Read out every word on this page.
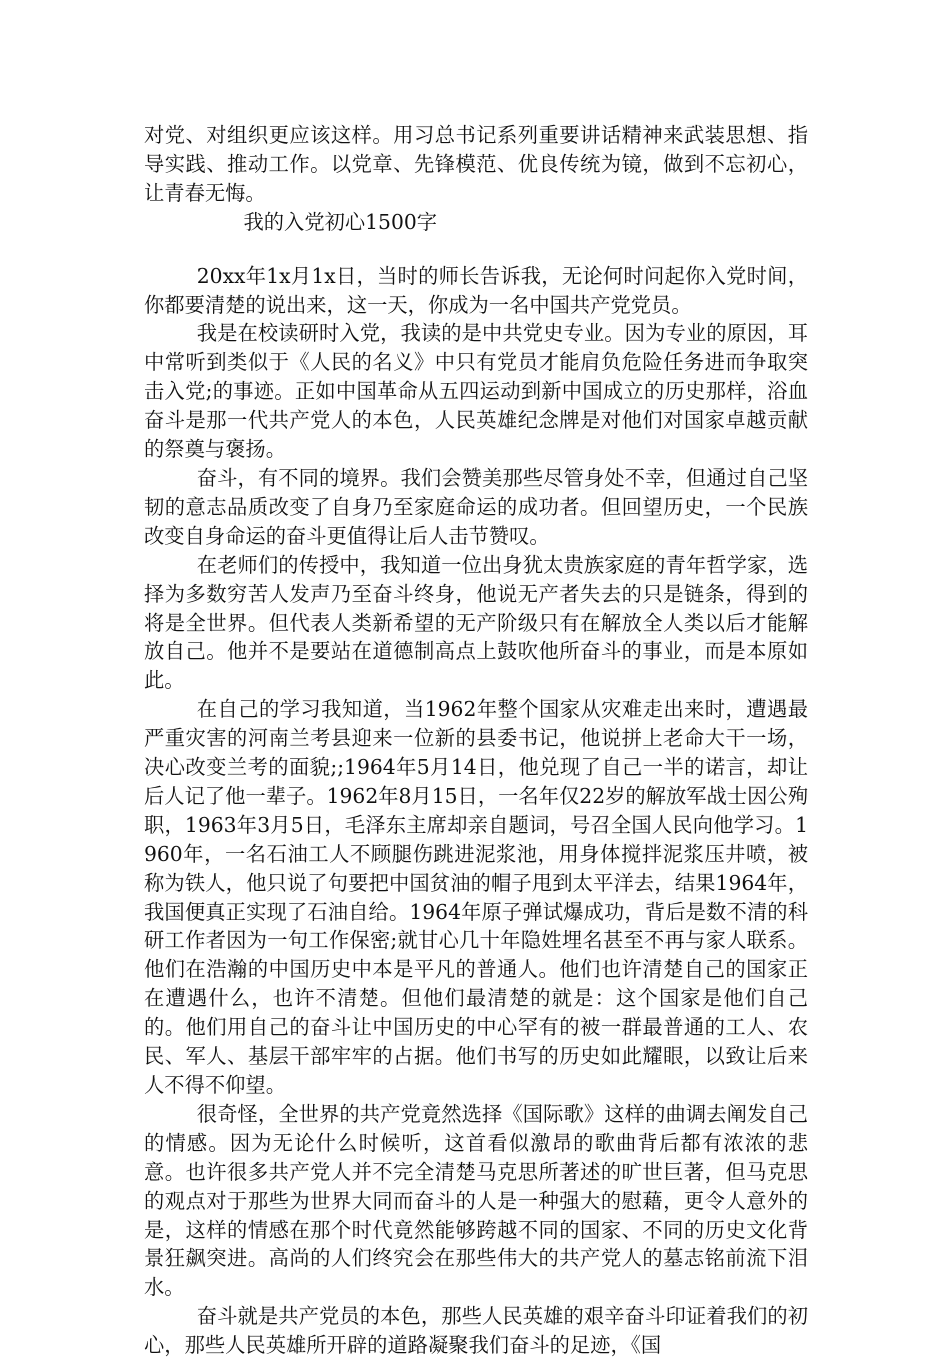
对党、对组织更应该这样。用习总书记系列重要讲话精神来武装思想、指导实践、推动工作。以党章、先锋模范、优良传统为镜，做到不忘初心，让青春无悔。

我的入党初心1500字

20xx年1x月1x日，当时的师长告诉我，无论何时问起你入党时间，你都要清楚的说出来，这一天，你成为一名中国共产党党员。

我是在校读研时入党，我读的是中共党史专业。因为专业的原因，耳中常听到类似于《人民的名义》中只有党员才能肩负危险任务进而争取突击入党;的事迹。正如中国革命从五四运动到新中国成立的历史那样，浴血奋斗是那一代共产党人的本色，人民英雄纪念牌是对他们对国家卓越贡献的祭奠与褒扬。

奋斗，有不同的境界。我们会赞美那些尽管身处不幸，但通过自己坚韧的意志品质改变了自身乃至家庭命运的成功者。但回望历史，一个民族改变自身命运的奋斗更值得让后人击节赞叹。

在老师们的传授中，我知道一位出身犹太贵族家庭的青年哲学家，选择为多数穷苦人发声乃至奋斗终身，他说无产者失去的只是链条，得到的将是全世界。但代表人类新希望的无产阶级只有在解放全人类以后才能解放自己。他并不是要站在道德制高点上鼓吹他所奋斗的事业，而是本原如此。

在自己的学习我知道，当1962年整个国家从灾难走出来时，遭遇最严重灾害的河南兰考县迎来一位新的县委书记，他说拼上老命大干一场，决心改变兰考的面貌;;1964年5月14日，他兑现了自己一半的诺言，却让后人记了他一辈子。1962年8月15日，一名年仅22岁的解放军战士因公殉职，1963年3月5日，毛泽东主席却亲自题词，号召全国人民向他学习。1960年，一名石油工人不顾腿伤跳进泥浆池，用身体搅拌泥浆压井喷，被称为铁人，他只说了句要把中国贫油的帽子甩到太平洋去，结果1964年，我国便真正实现了石油自给。1964年原子弹试爆成功，背后是数不清的科研工作者因为一句工作保密;就甘心几十年隐姓埋名甚至不再与家人联系。他们在浩瀚的中国历史中本是平凡的普通人。他们也许清楚自己的国家正在遭遇什么，也许不清楚。但他们最清楚的就是：这个国家是他们自己的。他们用自己的奋斗让中国历史的中心罕有的被一群最普通的工人、农民、军人、基层干部牢牢的占据。他们书写的历史如此耀眼，以致让后来人不得不仰望。

很奇怪，全世界的共产党竟然选择《国际歌》这样的曲调去阐发自己的情感。因为无论什么时候听，这首看似激昂的歌曲背后都有浓浓的悲意。也许很多共产党人并不完全清楚马克思所著述的旷世巨著，但马克思的观点对于那些为世界大同而奋斗的人是一种强大的慰藉，更令人意外的是，这样的情感在那个时代竟然能够跨越不同的国家、不同的历史文化背景狂飙突进。高尚的人们终究会在那些伟大的共产党人的墓志铭前流下泪水。

奋斗就是共产党员的本色，那些人民英雄的艰辛奋斗印证着我们的初心，那些人民英雄所开辟的道路凝聚我们奋斗的足迹，《国
